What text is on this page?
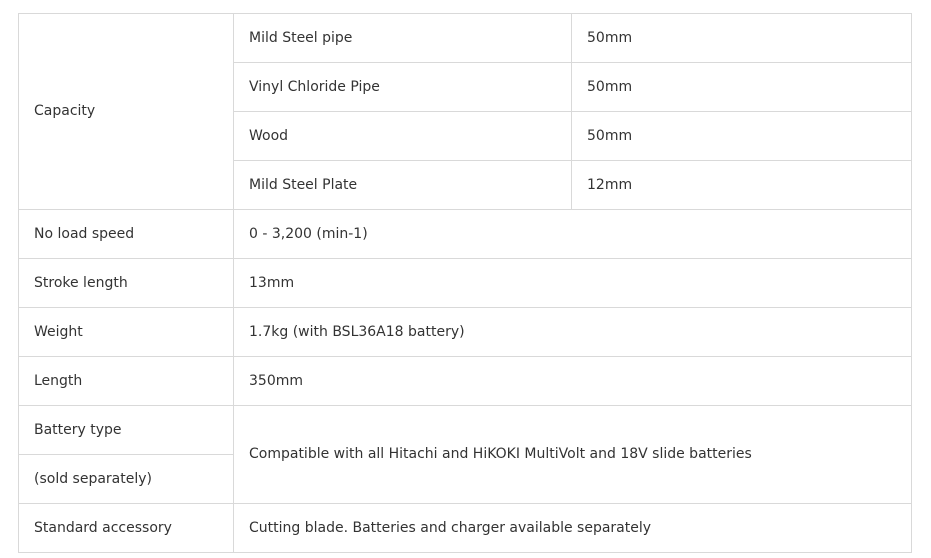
Capacity	Mild Steel pipe	50mm
	Vinyl Chloride Pipe	50mm
	Wood	50mm
	Mild Steel Plate	12mm
No load speed	0 - 3,200 (min-1)	
Stroke length	13mm	
Weight	1.7kg (with BSL36A18 battery)	
Length	350mm	
Battery type	Compatible with all Hitachi and HiKOKI MultiVolt and 18V slide batteries	
(sold separately)		
Standard accessory	Cutting blade. Batteries and charger available separately	
